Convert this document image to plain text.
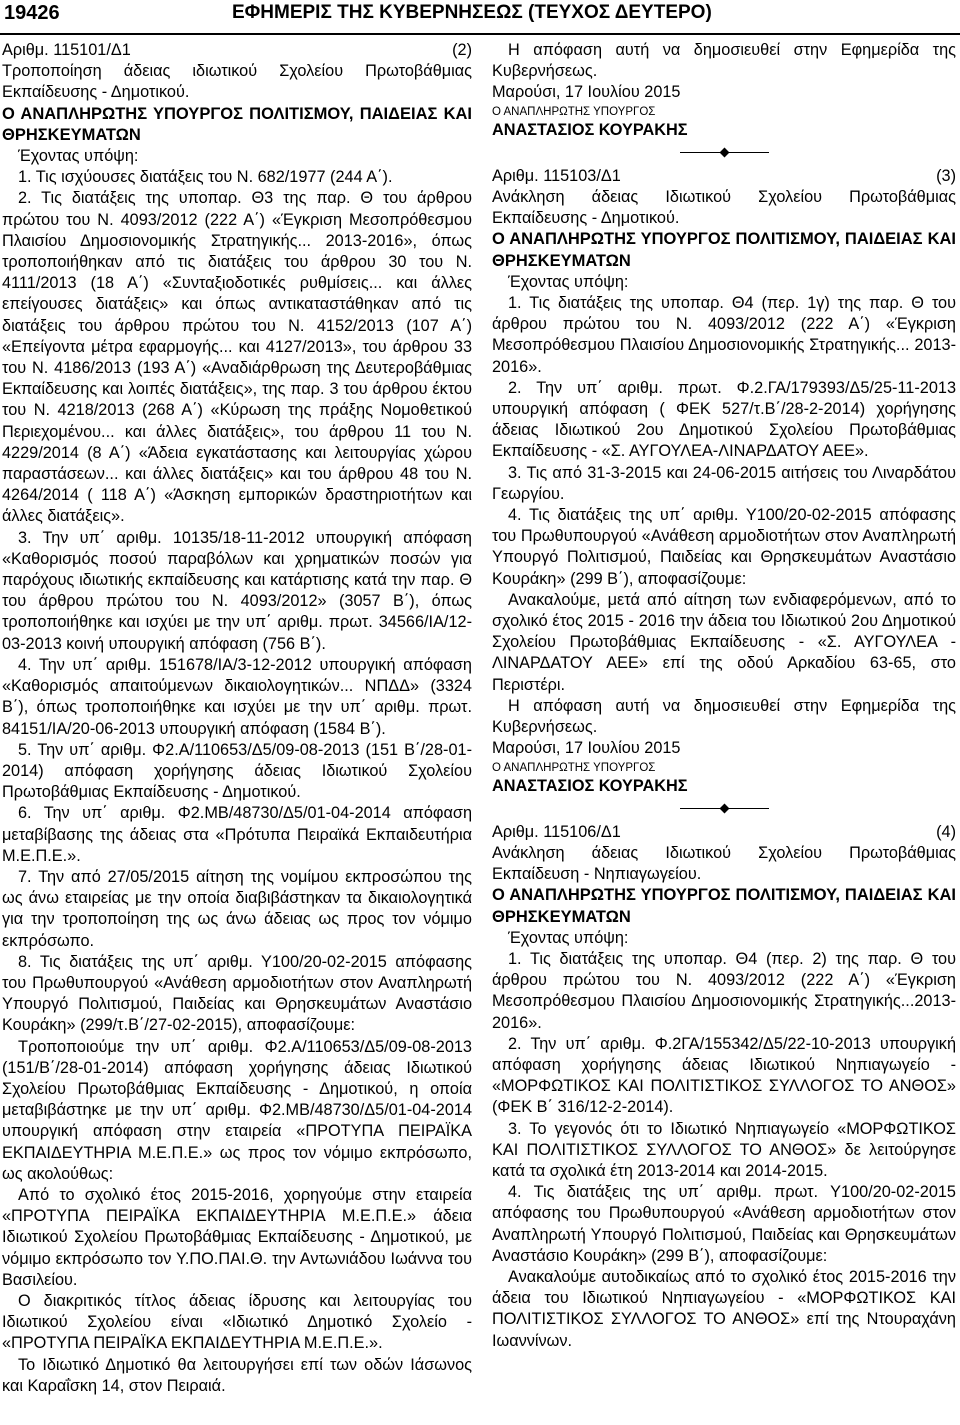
19426	ΕΦΗΜΕΡΙΣ ΤΗΣ ΚΥΒΕΡΝΗΣΕΩΣ (ΤΕΥΧΟΣ ΔΕΥΤΕΡΟ)
Αριθμ. 115101/Δ1	(2)

Τροποποίηση άδειας ιδιωτικού Σχολείου Πρωτοβάθμιας Εκπαίδευσης - Δημοτικού.

Ο ΑΝΑΠΛΗΡΩΤΗΣ ΥΠΟΥΡΓΟΣ ΠΟΛΙΤΙΣΜΟΥ, ΠΑΙΔΕΙΑΣ ΚΑΙ ΘΡΗΣΚΕΥΜΑΤΩΝ

Έχοντας υπόψη:

1. Τις ισχύουσες διατάξεις του Ν. 682/1977 (244 Α΄).

2. Τις διατάξεις της υποπαρ. Θ3 της παρ. Θ του άρθρου πρώτου του Ν. 4093/2012 (222 Α΄) «Έγκριση Μεσοπρόθεσμου Πλαισίου Δημοσιονομικής Στρατηγικής... 2013-2016», όπως τροποποιήθηκαν από τις διατάξεις του άρθρου 30 του Ν. 4111/2013 (18 Α΄) «Συνταξιοδοτικές ρυθμίσεις... και άλλες επείγουσες διατάξεις» και όπως αντικαταστάθηκαν από τις διατάξεις του άρθρου πρώτου του Ν. 4152/2013 (107 Α΄) «Επείγοντα μέτρα εφαρμογής... και 4127/2013», του άρθρου 33 του Ν. 4186/2013 (193 Α΄) «Αναδιάρθρωση της Δευτεροβάθμιας Εκπαίδευσης και λοιπές διατάξεις», της παρ. 3 του άρθρου έκτου του Ν. 4218/2013 (268 Α΄) «Κύρωση της πράξης Νομοθετικού Περιεχομένου... και άλλες διατάξεις», του άρθρου 11 του Ν. 4229/2014 (8 Α΄) «Άδεια εγκατάστασης και λειτουργίας χώρου παραστάσεων... και άλλες διατάξεις» και του άρθρου 48 του Ν. 4264/2014 ( 118 Α΄) «Άσκηση εμπορικών δραστηριοτήτων και άλλες διατάξεις».

3. Την υπ΄ αριθμ. 10135/18-11-2012 υπουργική απόφαση «Καθορισμός ποσού παραβόλων και χρηματικών ποσών για παρόχους ιδιωτικής εκπαίδευσης και κατάρτισης κατά την παρ. Θ του άρθρου πρώτου του Ν. 4093/2012» (3057 Β΄), όπως τροποποιήθηκε και ισχύει με την υπ΄ αριθμ. πρωτ. 34566/ΙΑ/12-03-2013 κοινή υπουργική απόφαση (756 Β΄).

4. Την υπ΄ αριθμ. 151678/ΙΑ/3-12-2012 υπουργική απόφαση «Καθορισμός απαιτούμενων δικαιολογητικών... ΝΠΔΔ» (3324 Β΄), όπως τροποποιήθηκε και ισχύει με την υπ΄ αριθμ. πρωτ. 84151/ΙΑ/20-06-2013 υπουργική απόφαση (1584 Β΄).

5. Την υπ΄ αριθμ. Φ2.Α/110653/Δ5/09-08-2013 (151 Β΄/28-01-2014) απόφαση χορήγησης άδειας Ιδιωτικού Σχολείου Πρωτοβάθμιας Εκπαίδευσης - Δημοτικού.

6. Την υπ΄ αριθμ. Φ2.ΜΒ/48730/Δ5/01-04-2014 απόφαση μεταβίβασης της άδειας στα «Πρότυπα Πειραϊκά Εκπαιδευτήρια Μ.Ε.Π.Ε.».

7. Την από 27/05/2015 αίτηση της νομίμου εκπροσώπου της ως άνω εταιρείας με την οποία διαβιβάστηκαν τα δικαιολογητικά για την τροποποίηση της ως άνω άδειας ως προς τον νόμιμο εκπρόσωπο.

8. Τις διατάξεις της υπ΄ αριθμ. Υ100/20-02-2015 απόφασης του Πρωθυπουργού «Ανάθεση αρμοδιοτήτων στον Αναπληρωτή Υπουργό Πολιτισμού, Παιδείας και Θρησκευμάτων Αναστάσιο Κουράκη» (299/τ.Β΄/27-02-2015), αποφασίζουμε:

Τροποποιούμε την υπ΄ αριθμ. Φ2.Α/110653/Δ5/09-08-2013 (151/Β΄/28-01-2014) απόφαση χορήγησης άδειας Ιδιωτικού Σχολείου Πρωτοβάθμιας Εκπαίδευσης - Δημοτικού, η οποία μεταβιβάστηκε με την υπ΄ αριθμ. Φ2.ΜΒ/48730/Δ5/01-04-2014 υπουργική απόφαση στην εταιρεία «ΠΡΟΤΥΠΑ ΠΕΙΡΑΪΚΑ ΕΚΠΑΙΔΕΥΤΗΡΙΑ Μ.Ε.Π.Ε.» ως προς τον νόμιμο εκπρόσωπο, ως ακολούθως:

Από το σχολικό έτος 2015-2016, χορηγούμε στην εταιρεία «ΠΡΟΤΥΠΑ ΠΕΙΡΑΪΚΑ ΕΚΠΑΙΔΕΥΤΗΡΙΑ Μ.Ε.Π.Ε.» άδεια Ιδιωτικού Σχολείου Πρωτοβάθμιας Εκπαίδευσης - Δημοτικού, με νόμιμο εκπρόσωπο τον Υ.ΠΟ.ΠΑΙ.Θ. την Αντωνιάδου Ιωάννα του Βασιλείου.

Ο διακριτικός τίτλος άδειας ίδρυσης και λειτουργίας του Ιδιωτικού Σχολείου είναι «Ιδιωτικό Δημοτικό Σχολείο - «ΠΡΟΤΥΠΑ ΠΕΙΡΑΪΚΑ ΕΚΠΑΙΔΕΥΤΗΡΙΑ Μ.Ε.Π.Ε.».

Το Ιδιωτικό Δημοτικό θα λειτουργήσει επί των οδών Ιάσωνος και Καραΐσκη 14, στον Πειραιά.

Η απόφαση αυτή να δημοσιευθεί στην Εφημερίδα της Κυβερνήσεως.

Μαρούσι, 17 Ιουλίου 2015

Ο ΑΝΑΠΛΗΡΩΤΗΣ ΥΠΟΥΡΓΟΣ

ΑΝΑΣΤΑΣΙΟΣ ΚΟΥΡΑΚΗΣ

Αριθμ. 115103/Δ1	(3)

Ανάκληση άδειας Ιδιωτικού Σχολείου Πρωτοβάθμιας Εκπαίδευσης - Δημοτικού.

Ο ΑΝΑΠΛΗΡΩΤΗΣ ΥΠΟΥΡΓΟΣ ΠΟΛΙΤΙΣΜΟΥ, ΠΑΙΔΕΙΑΣ ΚΑΙ ΘΡΗΣΚΕΥΜΑΤΩΝ

Έχοντας υπόψη:

1. Τις διατάξεις της υποπαρ. Θ4 (περ. 1γ) της παρ. Θ του άρθρου πρώτου του Ν. 4093/2012 (222 Α΄) «Έγκριση Μεσοπρόθεσμου Πλαισίου Δημοσιονομικής Στρατηγικής... 2013-2016».

2. Την υπ΄ αριθμ. πρωτ. Φ.2.ΓΑ/179393/Δ5/25-11-2013 υπουργική απόφαση ( ΦΕΚ 527/τ.Β΄/28-2-2014) χορήγησης άδειας Ιδιωτικού 2ου Δημοτικού Σχολείου Πρωτοβάθμιας Εκπαίδευσης - «Σ. ΑΥΓΟΥΛΕΑ-ΛΙΝΑΡΔΑΤΟΥ ΑΕΕ».

3. Τις από 31-3-2015 και 24-06-2015 αιτήσεις του Λιναρδάτου Γεωργίου.

4. Τις διατάξεις της υπ΄ αριθμ. Υ100/20-02-2015 απόφασης του Πρωθυπουργού «Ανάθεση αρμοδιοτήτων στον Αναπληρωτή Υπουργό Πολιτισμού, Παιδείας και Θρησκευμάτων Αναστάσιο Κουράκη» (299 Β΄), αποφασίζουμε:

Ανακαλούμε, μετά από αίτηση των ενδιαφερόμενων, από το σχολικό έτος 2015 - 2016 την άδεια του Ιδιωτικού 2ου Δημοτικού Σχολείου Πρωτοβάθμιας Εκπαίδευσης - «Σ. ΑΥΓΟΥΛΕΑ - ΛΙΝΑΡΔΑΤΟΥ ΑΕΕ» επί της οδού Αρκαδίου 63-65, στο Περιστέρι.

Η απόφαση αυτή να δημοσιευθεί στην Εφημερίδα της Κυβερνήσεως.

Μαρούσι, 17 Ιουλίου 2015

Ο ΑΝΑΠΛΗΡΩΤΗΣ ΥΠΟΥΡΓΟΣ

ΑΝΑΣΤΑΣΙΟΣ ΚΟΥΡΑΚΗΣ

Αριθμ. 115106/Δ1	(4)

Ανάκληση άδειας Ιδιωτικού Σχολείου Πρωτοβάθμιας Εκπαίδευση - Νηπιαγωγείου.

Ο ΑΝΑΠΛΗΡΩΤΗΣ ΥΠΟΥΡΓΟΣ ΠΟΛΙΤΙΣΜΟΥ, ΠΑΙΔΕΙΑΣ ΚΑΙ ΘΡΗΣΚΕΥΜΑΤΩΝ

Έχοντας υπόψη:

1. Τις διατάξεις της υποπαρ. Θ4 (περ. 2) της παρ. Θ του άρθρου πρώτου του Ν. 4093/2012 (222 Α΄) «Έγκριση Μεσοπρόθεσμου Πλαισίου Δημοσιονομικής Στρατηγικής...2013-2016».

2. Την υπ΄ αριθμ. Φ.2ΓΑ/155342/Δ5/22-10-2013 υπουργική απόφαση χορήγησης άδειας Ιδιωτικού Νηπιαγωγείο - «ΜΟΡΦΩΤΙΚΟΣ ΚΑΙ ΠΟΛΙΤΙΣΤΙΚΟΣ ΣΥΛΛΟΓΟΣ ΤΟ ΑΝΘΟΣ» (ΦΕΚ Β΄ 316/12-2-2014).

3. Το γεγονός ότι το Ιδιωτικό Νηπιαγωγείο «ΜΟΡΦΩΤΙΚΟΣ ΚΑΙ ΠΟΛΙΤΙΣΤΙΚΟΣ ΣΥΛΛΟΓΟΣ ΤΟ ΑΝΘΟΣ» δε λειτούργησε κατά τα σχολικά έτη 2013-2014 και 2014-2015.

4. Τις διατάξεις της υπ΄ αριθμ. πρωτ. Υ100/20-02-2015 απόφασης του Πρωθυπουργού «Ανάθεση αρμοδιοτήτων στον Αναπληρωτή Υπουργό Πολιτισμού, Παιδείας και Θρησκευμάτων Αναστάσιο Κουράκη» (299 Β΄), αποφασίζουμε:

Ανακαλούμε αυτοδικαίως από το σχολικό έτος 2015-2016 την άδεια του Ιδιωτικού Νηπιαγωγείου - «ΜΟΡΦΩΤΙΚΟΣ ΚΑΙ ΠΟΛΙΤΙΣΤΙΚΟΣ ΣΥΛΛΟΓΟΣ ΤΟ ΑΝΘΟΣ» επί της Ντουραχάνη Ιωαννίνων.
